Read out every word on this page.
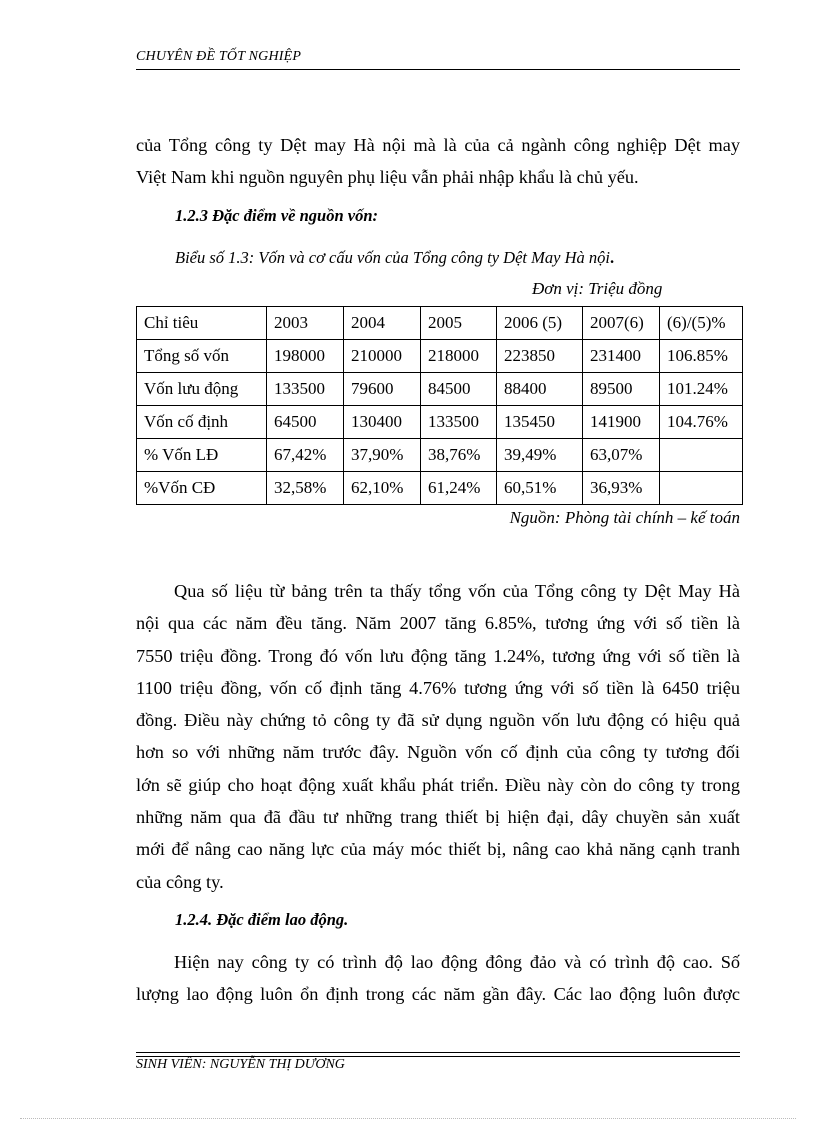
CHUYÊN ĐỀ TỐT NGHIỆP
của Tổng công ty Dệt may Hà nội mà là của cả ngành công nghiệp Dệt may
Việt Nam khi nguồn nguyên phụ liệu vẫn phải nhập khẩu là chủ yếu.
1.2.3 Đặc điểm về nguồn vốn:
Biểu số 1.3: Vốn và cơ cấu vốn của Tổng công ty Dệt May Hà nội.
Đơn vị: Triệu đồng
Chỉ tiêu	2003	2004	2005	2006 (5)	2007(6)	(6)/(5)%
Tổng số vốn	198000	210000	218000	223850	231400	106.85%
Vốn lưu động	133500	79600	84500	88400	89500	101.24%
Vốn cố định	64500	130400	133500	135450	141900	104.76%
% Vốn LĐ	67,42%	37,90%	38,76%	39,49%	63,07%	
%Vốn CĐ	32,58%	62,10%	61,24%	60,51%	36,93%	
Nguồn: Phòng tài chính – kế toán
Qua số liệu từ bảng trên ta thấy tổng vốn của Tổng công ty Dệt May Hà
nội qua các năm đều tăng. Năm 2007 tăng 6.85%, tương ứng với số tiền là
7550 triệu đồng. Trong đó vốn lưu động tăng 1.24%, tương ứng với số tiền là
1100 triệu đồng, vốn cố định tăng 4.76% tương ứng với số tiền là 6450 triệu
đồng. Điều này chứng tỏ công ty đã sử dụng nguồn vốn lưu động có hiệu quả
hơn so với những năm trước đây. Nguồn vốn cố định của công ty tương đối
lớn sẽ giúp cho hoạt động xuất khẩu phát triển. Điều này còn do công ty trong
những năm qua đã đầu tư những trang thiết bị hiện đại, dây chuyền sản xuất
mới để nâng cao năng lực của máy móc thiết bị, nâng cao khả năng cạnh tranh
của công ty.
1.2.4. Đặc điểm lao động.
Hiện nay công ty có trình độ lao động đông đảo và có trình độ cao. Số
lượng lao động luôn ổn định trong các năm gần đây. Các lao động luôn được
SINH VIÊN: NGUYỄN THỊ DƯƠNG
